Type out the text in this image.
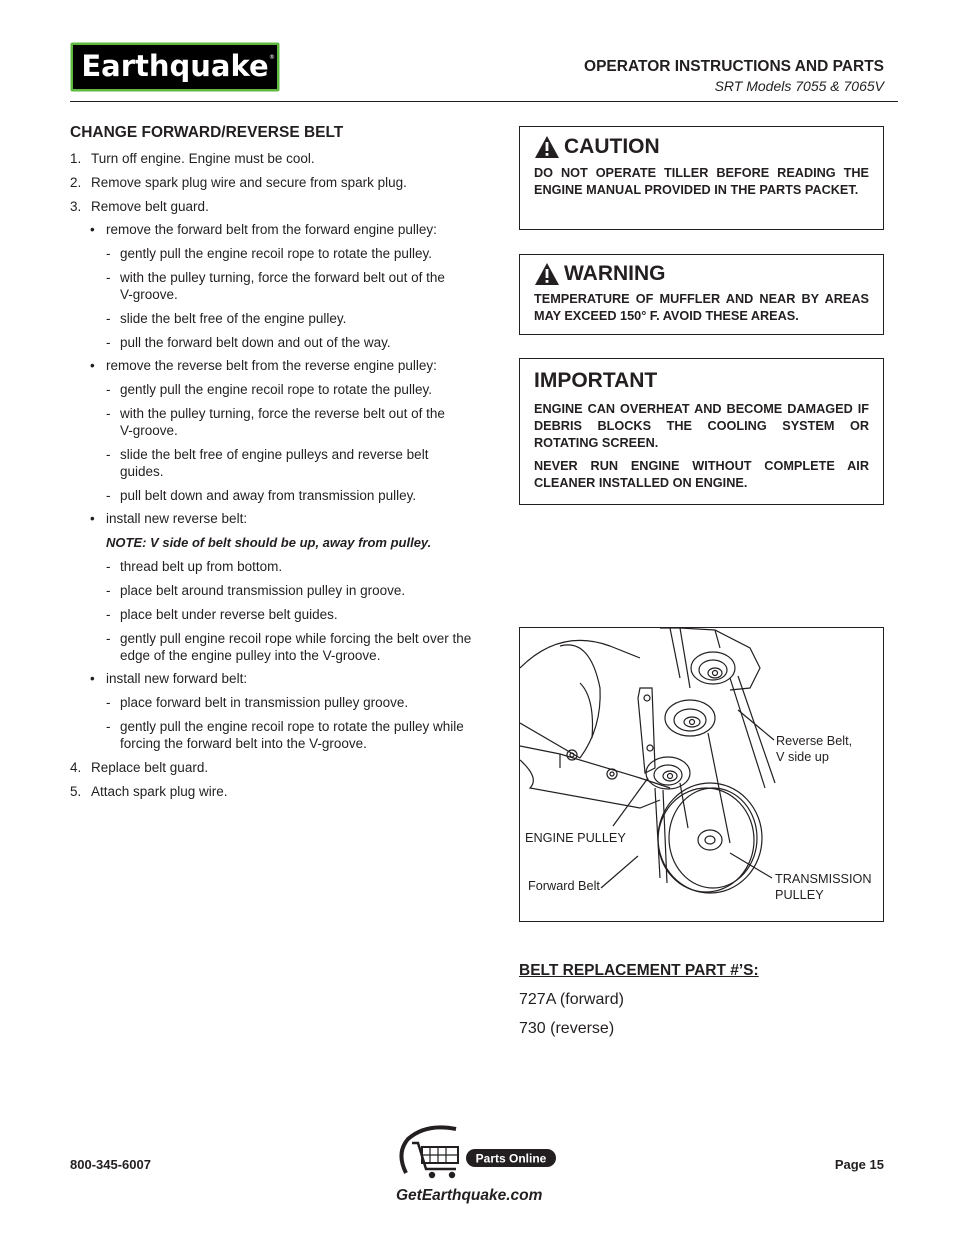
Earthquake ®
OPERATOR INSTRUCTIONS AND PARTS
SRT Models 7055 & 7065V
CHANGE FORWARD/REVERSE BELT
1. Turn off engine. Engine must be cool.
2. Remove spark plug wire and secure from spark plug.
3. Remove belt guard.
• remove the forward belt from the forward engine pulley:
- gently pull the engine recoil rope to rotate the pulley.
- with the pulley turning, force the forward belt out of the
V-groove.
- slide the belt free of the engine pulley.
- pull the forward belt down and out of the way.
• remove the reverse belt from the reverse engine pulley:
- gently pull the engine recoil rope to rotate the pulley.
- with the pulley turning, force the reverse belt out of the
V-groove.
- slide the belt free of engine pulleys and reverse belt
guides.
- pull belt down and away from transmission pulley.
• install new reverse belt:
NOTE: V side of belt should be up, away from pulley.
- thread belt up from bottom.
- place belt around transmission pulley in groove.
- place belt under reverse belt guides.
- gently pull engine recoil rope while forcing the belt over the
edge of the engine pulley into the V-groove.
• install new forward belt:
- place forward belt in transmission pulley groove.
- gently pull the engine recoil rope to rotate the pulley while
forcing the forward belt into the V-groove.
4. Replace belt guard.
5. Attach spark plug wire.
CAUTION
DO NOT OPERATE TILLER BEFORE READING THE ENGINE MANUAL PROVIDED IN THE PARTS PACKET.
WARNING
TEMPERATURE OF MUFFLER AND NEAR BY AREAS MAY EXCEED 150° F. AVOID THESE AREAS.
IMPORTANT
ENGINE CAN OVERHEAT AND BECOME DAMAGED IF DEBRIS BLOCKS THE COOLING SYSTEM OR ROTATING SCREEN.
NEVER RUN ENGINE WITHOUT COMPLETE AIR CLEANER INSTALLED ON ENGINE.
Reverse Belt,
V side up
ENGINE PULLEY
TRANSMISSION
PULLEY
Forward Belt
BELT REPLACEMENT PART #’S:
727A (forward)
730 (reverse)
800-345-6007	Parts Online
GetEarthquake.com
Page 15
